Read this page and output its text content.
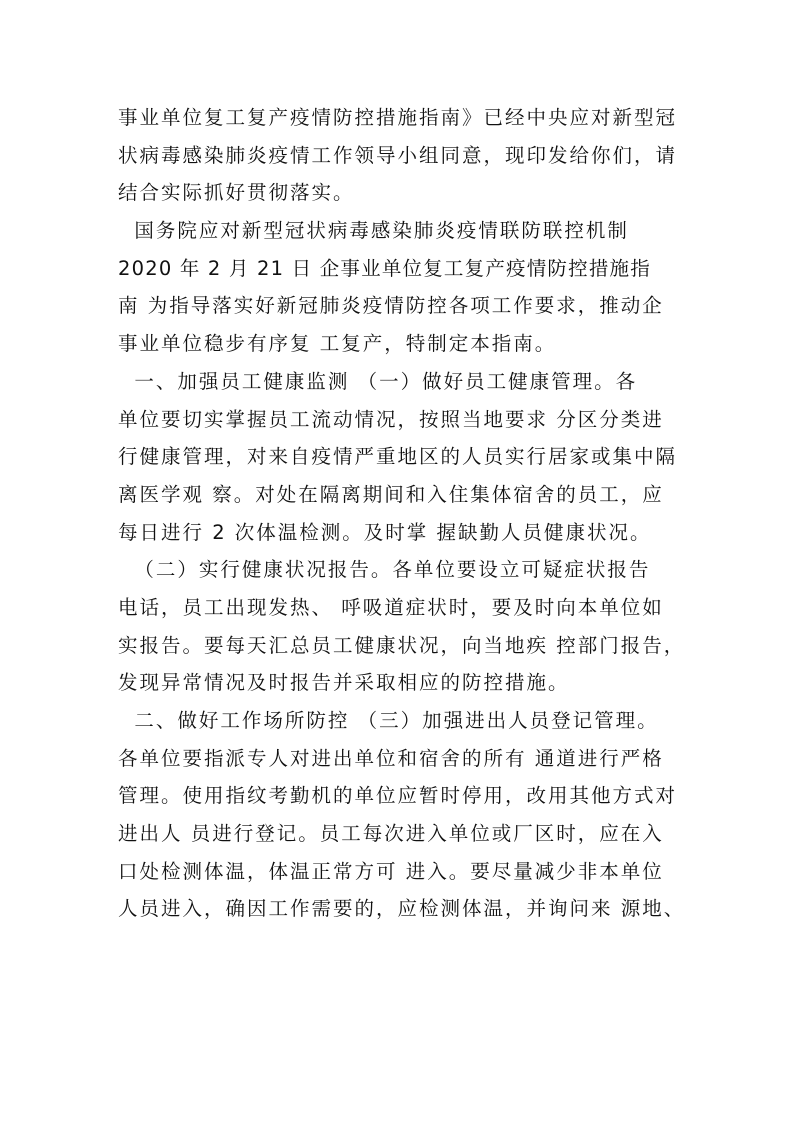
事业单位复工复产疫情防控措施指南》已经中央应对新型冠
状病毒感染肺炎疫情工作领导小组同意，现印发给你们，请
结合实际抓好贯彻落实。
国务院应对新型冠状病毒感染肺炎疫情联防联控机制
2020 年 2 月 21 日 企事业单位复工复产疫情防控措施指
南 为指导落实好新冠肺炎疫情防控各项工作要求，推动企
事业单位稳步有序复 工复产，特制定本指南。
一、加强员工健康监测 （一）做好员工健康管理。各
单位要切实掌握员工流动情况，按照当地要求 分区分类进
行健康管理，对来自疫情严重地区的人员实行居家或集中隔
离医学观 察。对处在隔离期间和入住集体宿舍的员工，应
每日进行 2 次体温检测。及时掌 握缺勤人员健康状况。
（二）实行健康状况报告。各单位要设立可疑症状报告
电话，员工出现发热、 呼吸道症状时，要及时向本单位如
实报告。要每天汇总员工健康状况，向当地疾 控部门报告，
发现异常情况及时报告并采取相应的防控措施。
二、做好工作场所防控 （三）加强进出人员登记管理。
各单位要指派专人对进出单位和宿舍的所有 通道进行严格
管理。使用指纹考勤机的单位应暂时停用，改用其他方式对
进出人 员进行登记。员工每次进入单位或厂区时，应在入
口处检测体温，体温正常方可 进入。要尽量减少非本单位
人员进入，确因工作需要的，应检测体温，并询问来 源地、
